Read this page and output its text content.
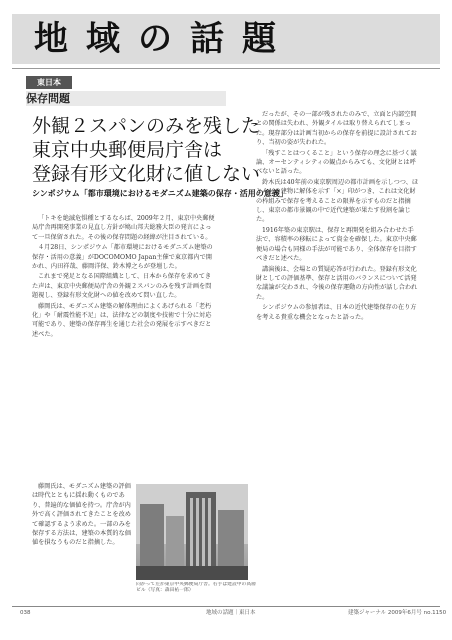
地 域 の 話 題
東日本
保存問題
外観２スパンのみを残した
東京中央郵便局庁舎は
登録有形文化財に値しない
シンポジウム「都市環境におけるモダニズム建築の保存・活用の意義」

「トキを絶滅危惧種とするならば、2009年２月、東京中央郵便局庁舎再開発事業の見直し方針が鳩山邦夫総務大臣の発言によって一旦保留された。その後の保存問題の経緯が注目されている。

４月28日、シンポジウム「都市環境におけるモダニズム建築の保存・活用の意義」がDOCOMOMO Japan主催で東京都内で開かれ、内田祥哉、藤岡洋保、鈴木博之らが登壇した。

これまで発足となる国際組織として、日本から保存を求めてきた声は、東京中央郵便局庁舎の外観２スパンのみを残す計画を問題視し、登録有形文化財への値を改めて問い直した。

藤岡氏は、モダニズム建築の解体理由によくあげられる「老朽化」や「耐震性能不足」は、法律などの制度や技術で十分に対応可能であり、建築の保存再生を通じた社会の発展を示すべきだと述べた。

藤岡氏は、モダニズム建築の評価は時代とともに揺れ動くものであり、普遍的な価値を持つ。庁舎が内外で高く評価されてきたことを改めて確認するよう求めた。一部のみを保存する方法は、建築の本質的な価値を損なうものだと指摘した。

向かって左が東京中央郵便局庁舎。右手は建設中の高層ビル（写真：森田祐一郎）

だったが、その一部が残されたのみで、立面と内部空間との関係は失われ、外観タイルは取り替えられてしまった。現存部分は計画当初からの保存を前提に設計されており、当初の姿が失われた。

「残すことはつくること」という保存の理念に基づく議論、オーセンティシティの観点からみても、文化財とは呼べないと語った。

鈴木氏は40年前の東京駅周辺の都市計画を示しつつ、ほとんどの建物に解体を示す「×」印がつき、これは文化財の枠組みで保存を考えることの限界を示すものだと指摘し、東京の都市景観の中で近代建築が果たす役割を論じた。

1916年築の東京駅は、保存と再開発を組み合わせた手法で、容積率の移転によって資金を確保した。東京中央郵便局の場合も同様の手法が可能であり、全体保存を目指すべきだと述べた。

講演後は、会場との質疑応答が行われた。登録有形文化財としての評価基準、保存と活用のバランスについて活発な議論が交わされ、今後の保存運動の方向性が話し合われた。

シンポジウムの参加者は、日本の近代建築保存の在り方を考える貴重な機会となったと語った。

038	地域の話題｜東日本	建築ジャーナル 2009年6月号 no.1150
